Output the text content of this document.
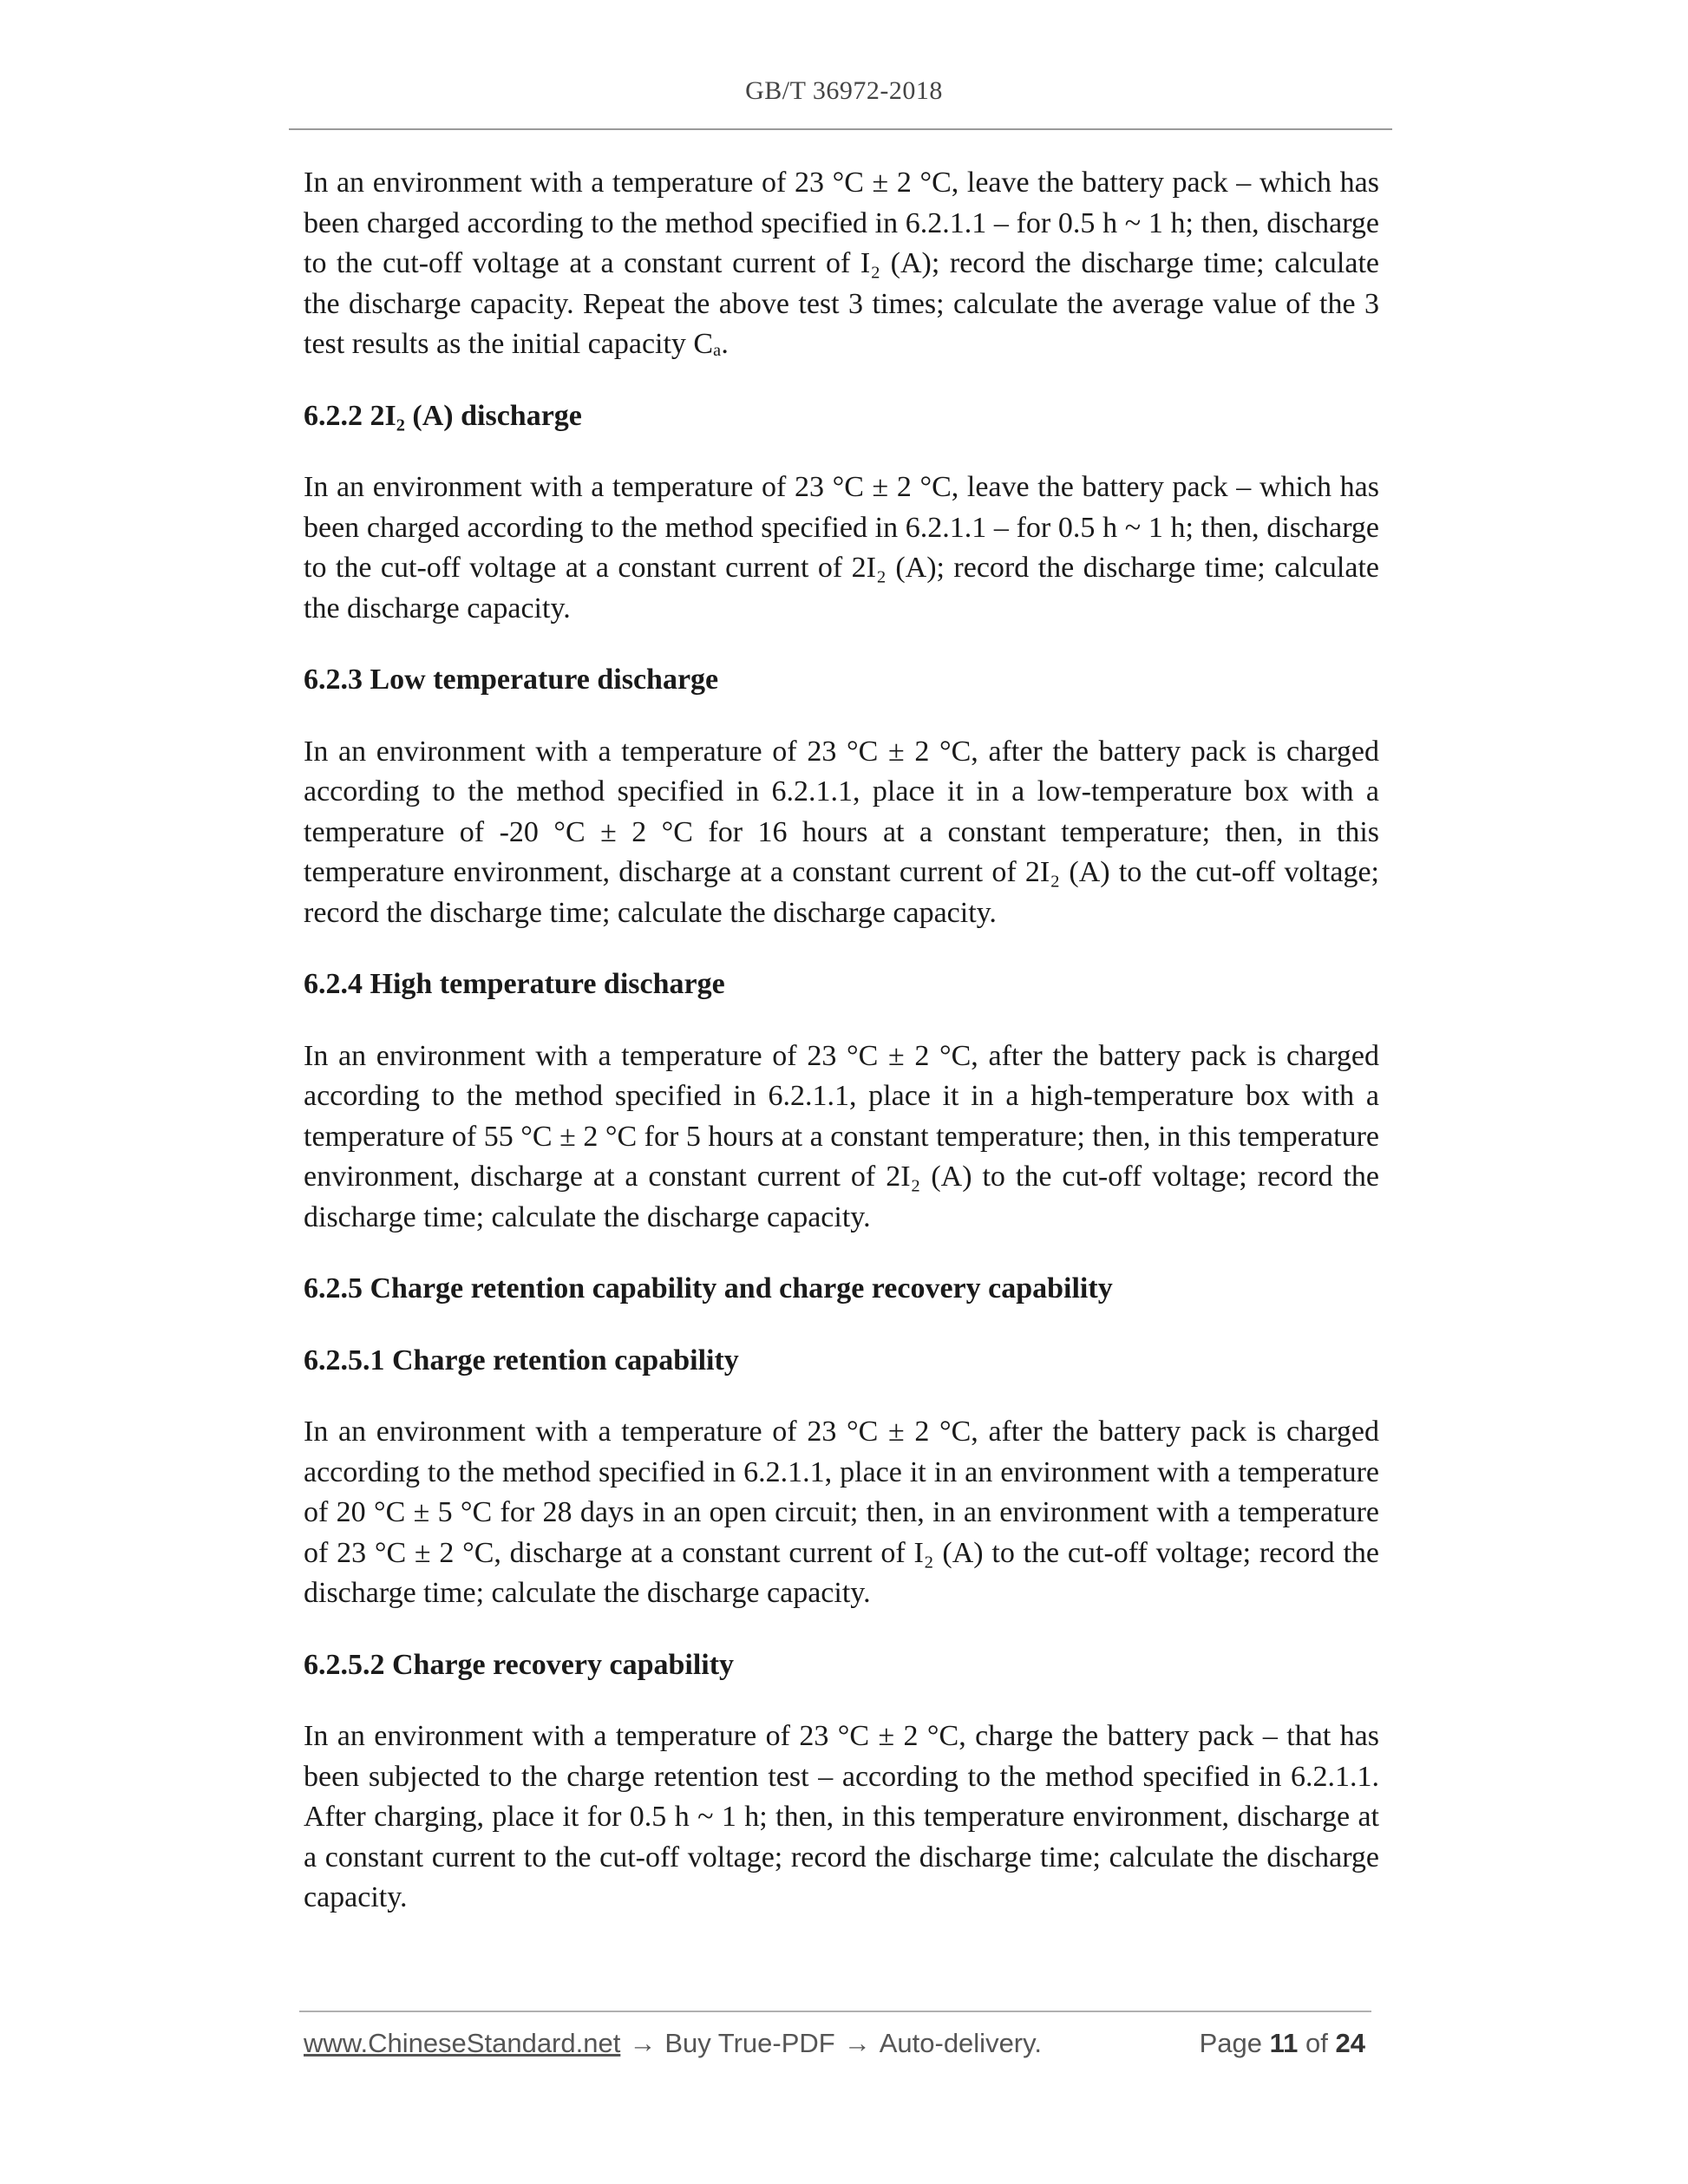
GB/T 36972-2018

In an environment with a temperature of 23 °C ± 2 °C, leave the battery pack – which has been charged according to the method specified in 6.2.1.1 – for 0.5 h ~ 1 h; then, discharge to the cut-off voltage at a constant current of I₂ (A); record the discharge time; calculate the discharge capacity. Repeat the above test 3 times; calculate the average value of the 3 test results as the initial capacity Cₐ.

6.2.2 2I₂ (A) discharge

In an environment with a temperature of 23 °C ± 2 °C, leave the battery pack – which has been charged according to the method specified in 6.2.1.1 – for 0.5 h ~ 1 h; then, discharge to the cut-off voltage at a constant current of 2I₂ (A); record the discharge time; calculate the discharge capacity.

6.2.3 Low temperature discharge

In an environment with a temperature of 23 °C ± 2 °C, after the battery pack is charged according to the method specified in 6.2.1.1, place it in a low-temperature box with a temperature of -20 °C ± 2 °C for 16 hours at a constant temperature; then, in this temperature environment, discharge at a constant current of 2I₂ (A) to the cut-off voltage; record the discharge time; calculate the discharge capacity.

6.2.4 High temperature discharge

In an environment with a temperature of 23 °C ± 2 °C, after the battery pack is charged according to the method specified in 6.2.1.1, place it in a high-temperature box with a temperature of 55 °C ± 2 °C for 5 hours at a constant temperature; then, in this temperature environment, discharge at a constant current of 2I₂ (A) to the cut-off voltage; record the discharge time; calculate the discharge capacity.

6.2.5 Charge retention capability and charge recovery capability
6.2.5.1 Charge retention capability

In an environment with a temperature of 23 °C ± 2 °C, after the battery pack is charged according to the method specified in 6.2.1.1, place it in an environment with a temperature of 20 °C ± 5 °C for 28 days in an open circuit; then, in an environment with a temperature of 23 °C ± 2 °C, discharge at a constant current of I₂ (A) to the cut-off voltage; record the discharge time; calculate the discharge capacity.

6.2.5.2 Charge recovery capability

In an environment with a temperature of 23 °C ± 2 °C, charge the battery pack – that has been subjected to the charge retention test – according to the method specified in 6.2.1.1. After charging, place it for 0.5 h ~ 1 h; then, in this temperature environment, discharge at a constant current to the cut-off voltage; record the discharge time; calculate the discharge capacity.

www.ChineseStandard.net → Buy True-PDF → Auto-delivery.	Page 11 of 24
